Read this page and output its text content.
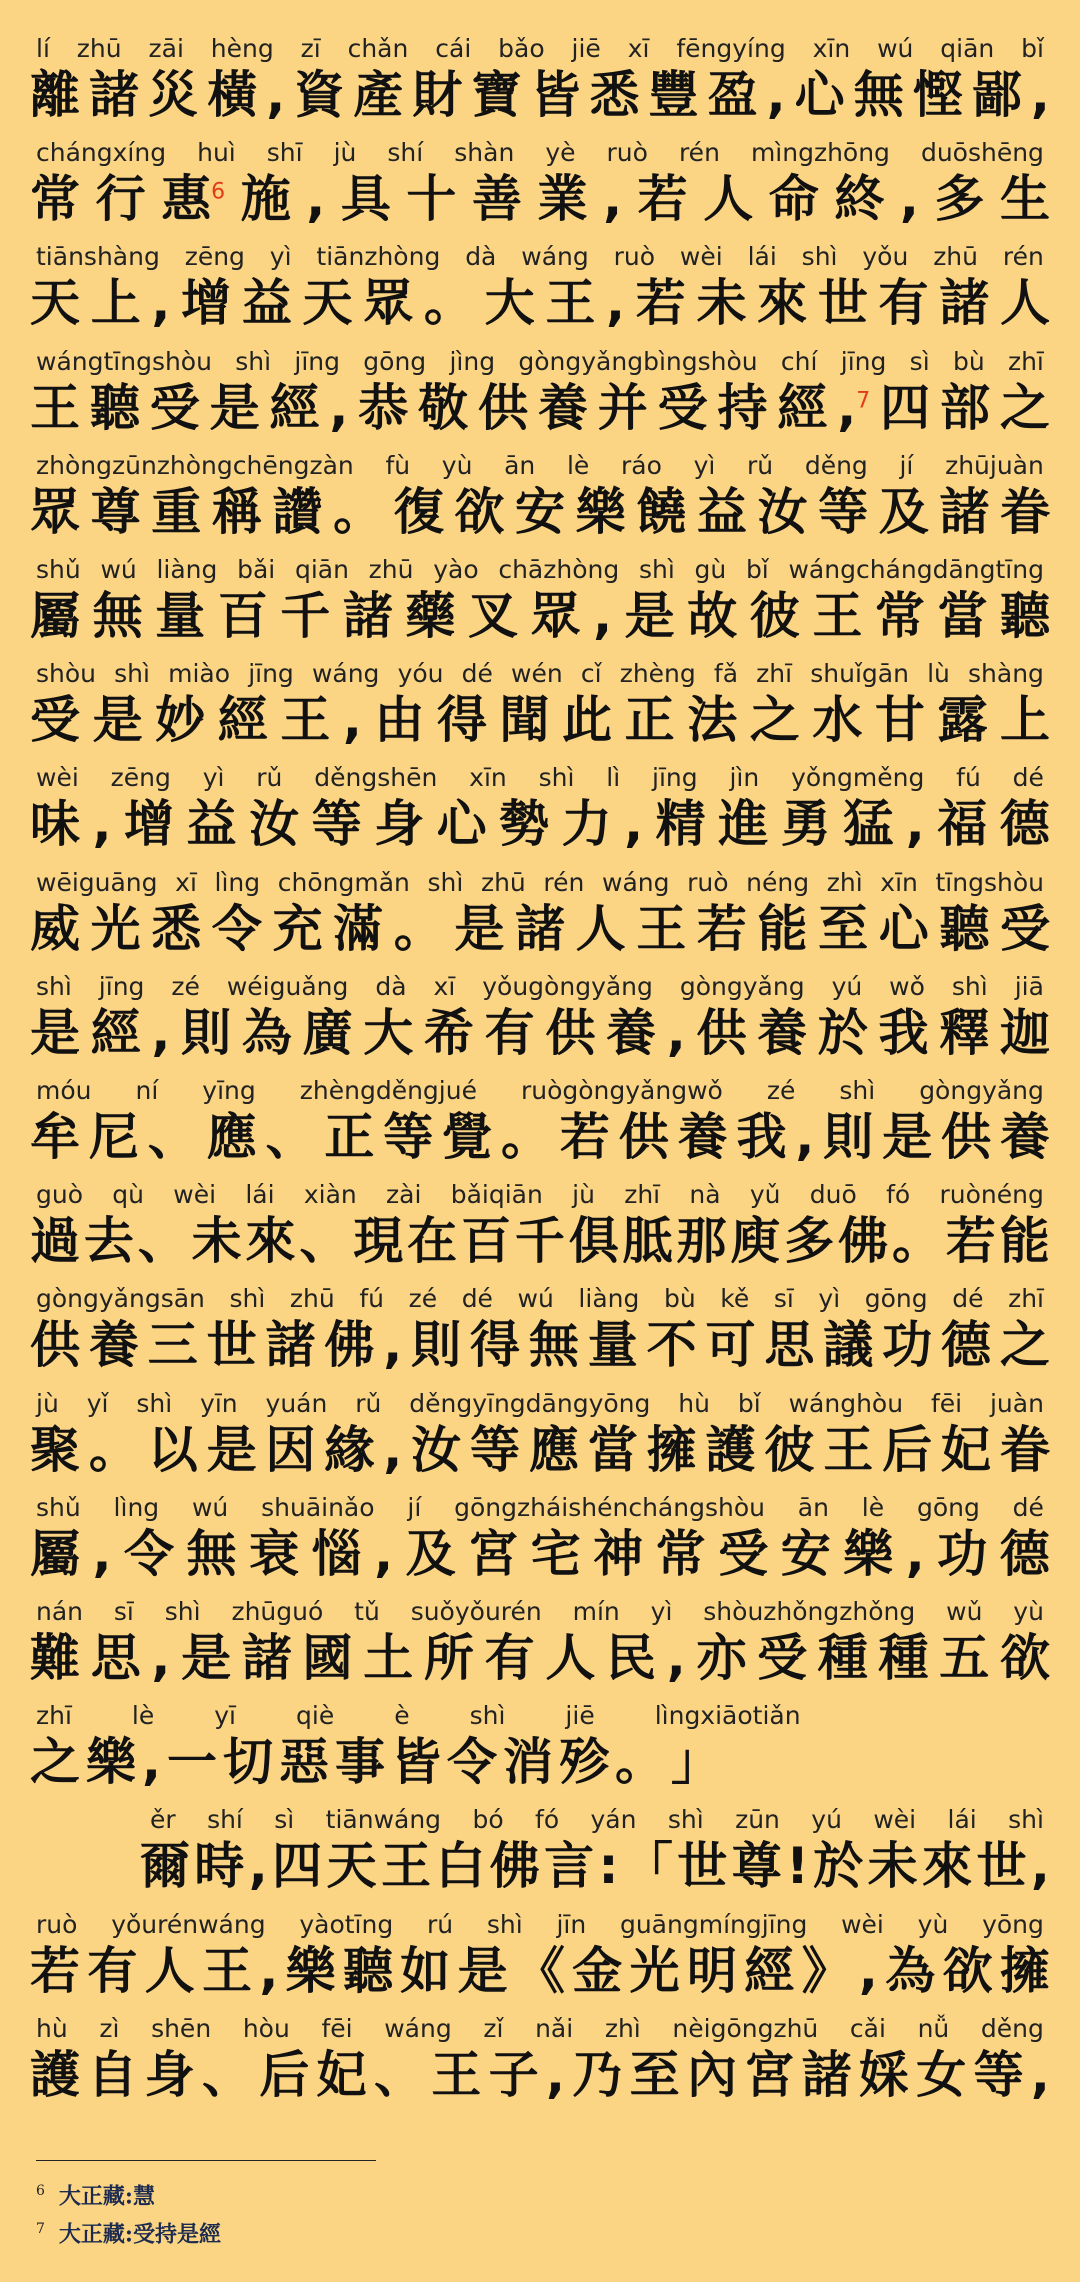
lí zhū zāi hèng zī chǎn cái bǎo jiē xī fēngyíng xīn wú qiān bǐ
離 諸 災 橫 , 資 產 財 寶 皆 悉 豐 盈 , 心 無 慳 鄙 ,
chángxíng huì shī jù shí shàn yè ruò rén mìngzhōng duōshēng
常 行 惠$^6$ 施 , 具 十 善 業 , 若 人 命 終 , 多 生
tiānshàng zēng yì tiānzhòng dà wáng ruò wèi lái shì yǒu zhū rén
天 上 , 增 益 天 眾 。 大 王 , 若 未 來 世 有 諸 人
wángtīngshòu shì jīng gōng jìng gòngyǎngbìngshòu chí jīng sì bù zhī
王 聽 受 是 經 , 恭 敬 供 養 并 受 持 經 ,$^7$ 四 部 之
zhòngzūnzhòngchēngzàn fù yù ān lè ráo yì rǔ děng jí zhūjuàn
眾 尊 重 稱 讚 。 復 欲 安 樂 饒 益 汝 等 及 諸 眷
shǔ wú liàng bǎi qiān zhū yào chāzhòng shì gù bǐ wángchángdāngtīng
屬 無 量 百 千 諸 藥 叉 眾 , 是 故 彼 王 常 當 聽
shòu shì miào jīng wáng yóu dé wén cǐ zhèng fǎ zhī shuǐgān lù shàng
受 是 妙 經 王 , 由 得 聞 此 正 法 之 水 甘 露 上
wèi zēng yì rǔ děngshēn xīn shì lì jīng jìn yǒngměng fú dé
味 , 增 益 汝 等 身 心 勢 力 , 精 進 勇 猛 , 福 德
wēiguāng xī lìng chōngmǎn shì zhū rén wáng ruò néng zhì xīn tīngshòu
威 光 悉 令 充 滿 。 是 諸 人 王 若 能 至 心 聽 受
shì jīng zé wéiguǎng dà xī yǒugòngyǎng gòngyǎng yú wǒ shì jiā
是 經 , 則 為 廣 大 希 有 供 養 , 供 養 於 我 釋 迦
móu ní yīng zhèngděngjué ruògòngyǎngwǒ zé shì gòngyǎng
牟 尼 、 應 、 正 等 覺 。 若 供 養 我 , 則 是 供 養
guò qù wèi lái xiàn zài bǎiqiān jù zhī nà yǔ duō fó ruònéng
過 去 、 未 來 、 現 在 百 千 俱 胝 那 庾 多 佛 。 若 能
gòngyǎngsān shì zhū fú zé dé wú liàng bù kě sī yì gōng dé zhī
供 養 三 世 諸 佛 , 則 得 無 量 不 可 思 議 功 德 之
jù yǐ shì yīn yuán rǔ děngyīngdāngyōng hù bǐ wánghòu fēi juàn
聚 。 以 是 因 緣 , 汝 等 應 當 擁 護 彼 王 后 妃 眷
shǔ lìng wú shuāinǎo jí gōngzháishénchángshòu ān lè gōng dé
屬 , 令 無 衰 惱 , 及 宮 宅 神 常 受 安 樂 , 功 德
nán sī shì zhūguó tǔ suǒyǒurén mín yì shòuzhǒngzhǒng wǔ yù
難 思 , 是 諸 國 土 所 有 人 民 , 亦 受 種 種 五 欲
zhī lè yī qiè è shì jiē lìngxiāotiǎn
之 樂 , 一 切 惡 事 皆 令 消 殄 。 」
ěr shí sì tiānwáng bó fó yán shì zūn yú wèi lái shì
爾 時 , 四 天 王 白 佛 言 : 「 世 尊 ! 於 未 來 世 ,
ruò yǒurénwáng yàotīng rú shì jīn guāngmíngjīng wèi yù yōng
若 有 人 王 , 樂 聽 如 是 《 金 光 明 經 》 , 為 欲 擁
hù zì shēn hòu fēi wáng zǐ nǎi zhì nèigōngzhū cǎi nǚ děng
護 自 身 、 后 妃 、 王 子 , 乃 至 內 宮 諸 婇 女 等 ,
$^6$ 大正藏:慧
$^7$ 大正藏:受持是經
